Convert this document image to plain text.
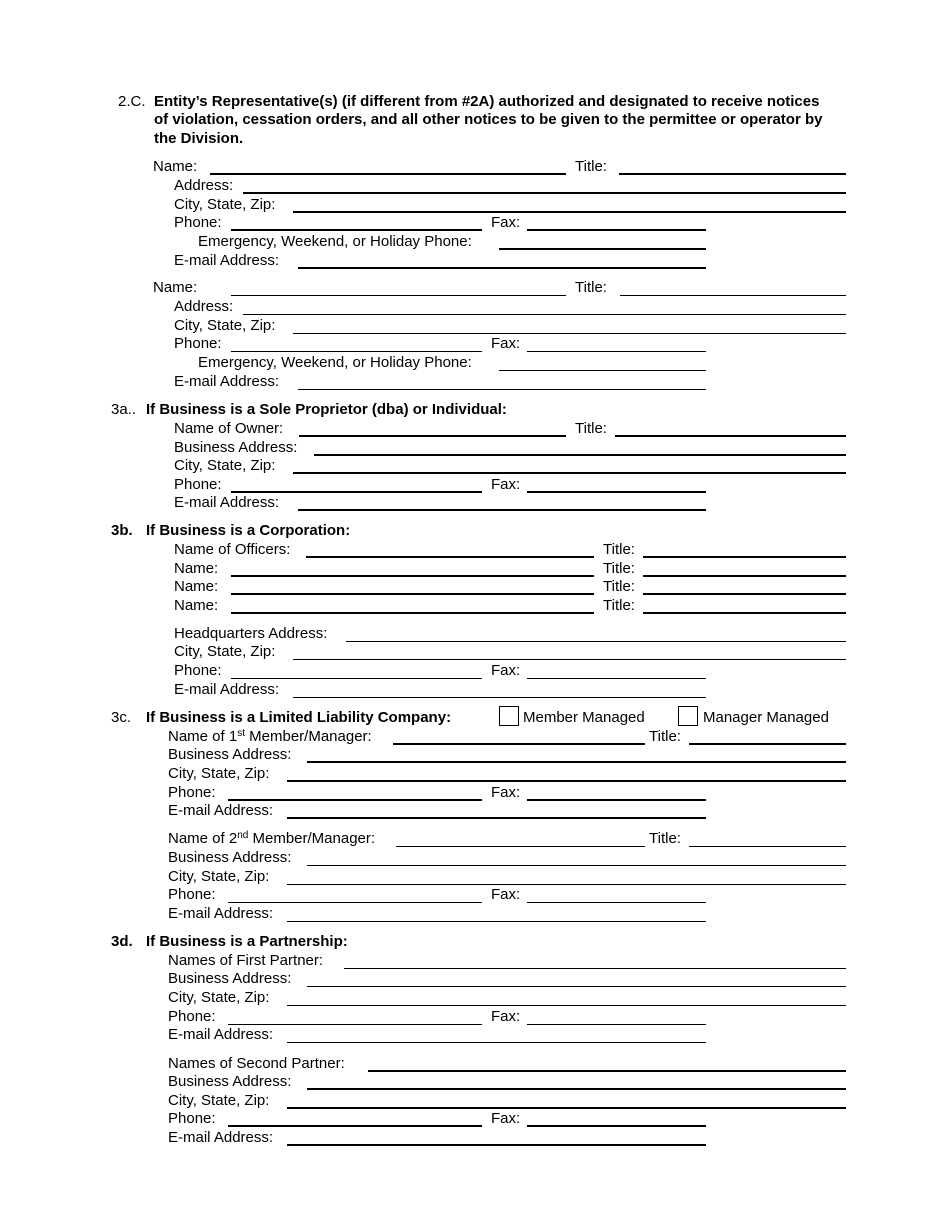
2.C. Entity’s Representative(s) (if different from #2A) authorized and designated to receive notices
of violation, cessation orders, and all other notices to be given to the permittee or operator by
the Division.
Name:	Title:
Address:
City, State, Zip:
Phone:	Fax:
Emergency, Weekend, or Holiday Phone:
E-mail Address:
Name:	Title:
Address:
City, State, Zip:
Phone:	Fax:
Emergency, Weekend, or Holiday Phone:
E-mail Address:
3a.. If Business is a Sole Proprietor (dba) or Individual:
Name of Owner:	Title:
Business Address:
City, State, Zip:
Phone:	Fax:
E-mail Address:
3b. If Business is a Corporation:
Name of Officers:	Title:
Name:	Title:
Name:	Title:
Name:	Title:
Headquarters Address:
City, State, Zip:
Phone:	Fax:
E-mail Address:
3c. If Business is a Limited Liability Company:	Member Managed	Manager Managed
Name of 1st Member/Manager:	Title:
Business Address:
City, State, Zip:
Phone:	Fax:
E-mail Address:
Name of 2nd Member/Manager:	Title:
Business Address:
City, State, Zip:
Phone:	Fax:
E-mail Address:
3d. If Business is a Partnership:
Names of First Partner:
Business Address:
City, State, Zip:
Phone:	Fax:
E-mail Address:
Names of Second Partner:
Business Address:
City, State, Zip:
Phone:	Fax:
E-mail Address:
